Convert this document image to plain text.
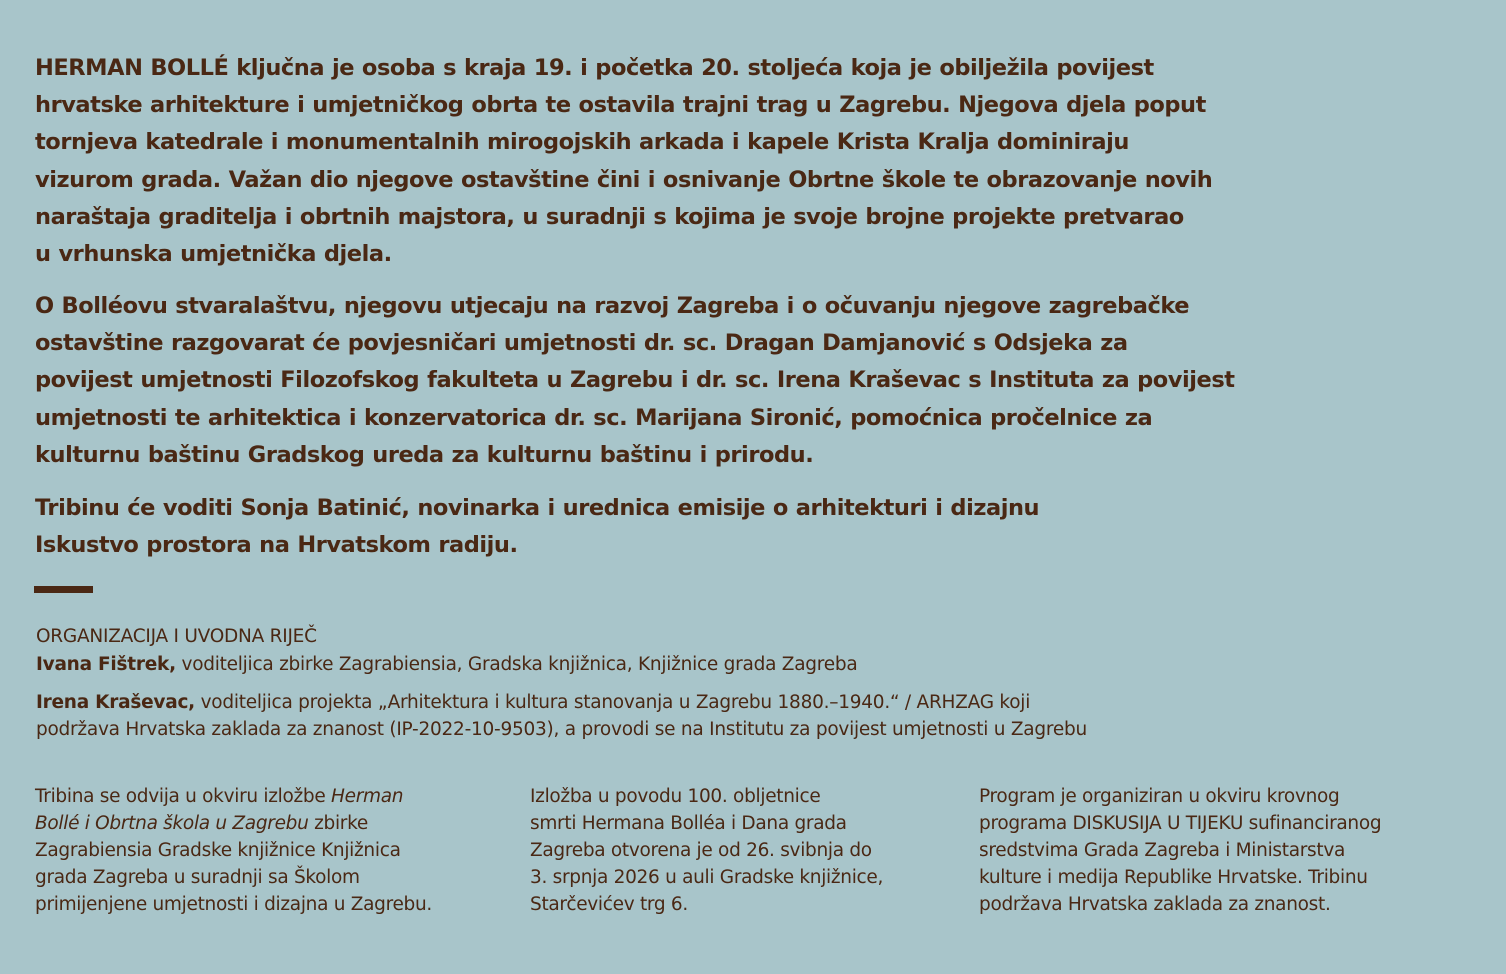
HERMAN BOLLÉ ključna je osoba s kraja 19. i početka 20. stoljeća koja je obilježila povijest
hrvatske arhitekture i umjetničkog obrta te ostavila trajni trag u Zagrebu. Njegova djela poput
tornjeva katedrale i monumentalnih mirogojskih arkada i kapele Krista Kralja dominiraju
vizurom grada. Važan dio njegove ostavštine čini i osnivanje Obrtne škole te obrazovanje novih
naraštaja graditelja i obrtnih majstora, u suradnji s kojima je svoje brojne projekte pretvarao
u vrhunska umjetnička djela.

O Bolléovu stvaralaštvu, njegovu utjecaju na razvoj Zagreba i o očuvanju njegove zagrebačke
ostavštine razgovarat će povjesničari umjetnosti dr. sc. Dragan Damjanović s Odsjeka za
povijest umjetnosti Filozofskog fakulteta u Zagrebu i dr. sc. Irena Kraševac s Instituta za povijest
umjetnosti te arhitektica i konzervatorica dr. sc. Marijana Sironić, pomoćnica pročelnice za
kulturnu baštinu Gradskog ureda za kulturnu baštinu i prirodu.

Tribinu će voditi Sonja Batinić, novinarka i urednica emisije o arhitekturi i dizajnu
Iskustvo prostora na Hrvatskom radiju.

ORGANIZACIJA I UVODNA RIJEČ
Ivana Fištrek, voditeljica zbirke Zagrabiensia, Gradska knjižnica, Knjižnice grada Zagreba
Irena Kraševac, voditeljica projekta „Arhitektura i kultura stanovanja u Zagrebu 1880.–1940.“ / ARHZAG koji
podržava Hrvatska zaklada za znanost (IP-2022-10-9503), a provodi se na Institutu za povijest umjetnosti u Zagrebu
Tribina se odvija u okviru izložbe Herman
Bollé i Obrtna škola u Zagrebu zbirke
Zagrabiensia Gradske knjižnice Knjižnica
grada Zagreba u suradnji sa Školom
primijenjene umjetnosti i dizajna u Zagrebu.
Izložba u povodu 100. obljetnice
smrti Hermana Bolléa i Dana grada
Zagreba otvorena je od 26. svibnja do
3. srpnja 2026 u auli Gradske knjižnice,
Starčevićev trg 6.
Program je organiziran u okviru krovnog
programa DISKUSIJA U TIJEKU sufinanciranog
sredstvima Grada Zagreba i Ministarstva
kulture i medija Republike Hrvatske. Tribinu
podržava Hrvatska zaklada za znanost.
